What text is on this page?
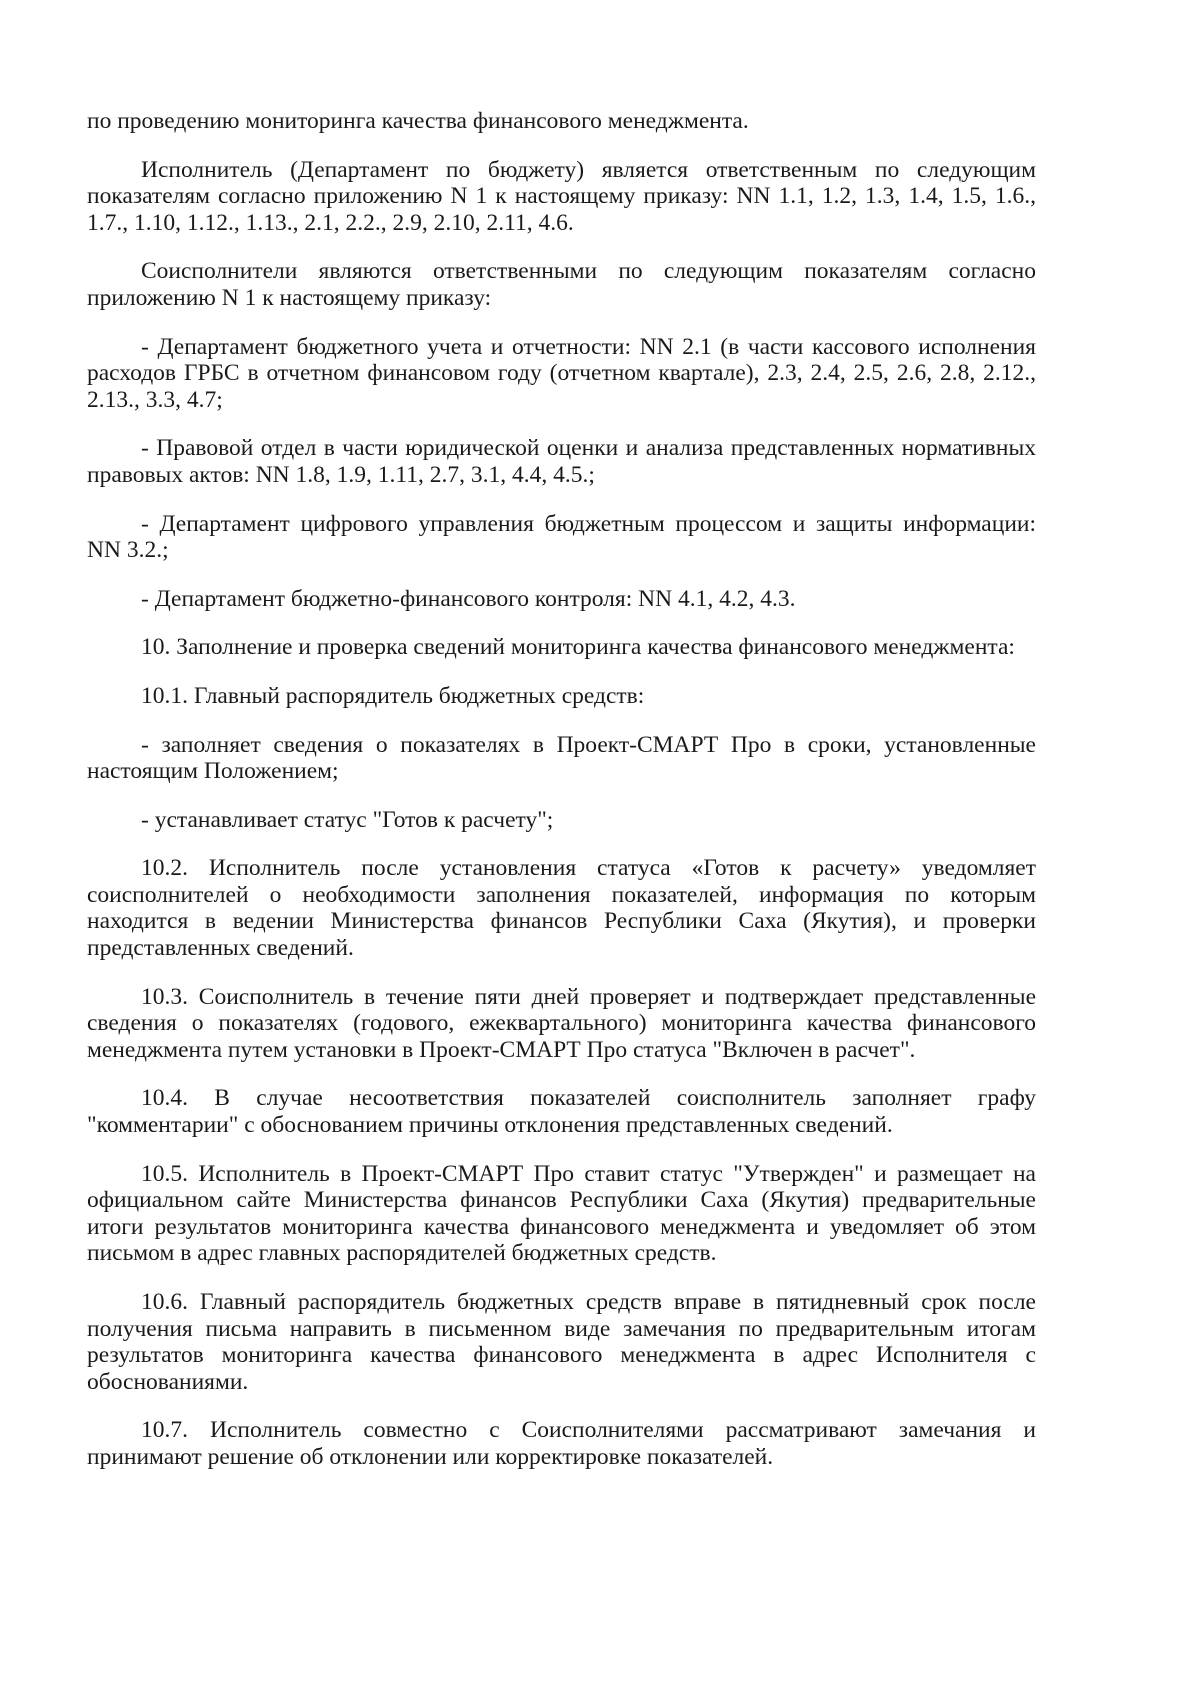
по проведению мониторинга качества финансового менеджмента.

Исполнитель (Департамент по бюджету) является ответственным по следующим показателям согласно приложению N 1 к настоящему приказу: NN 1.1, 1.2, 1.3, 1.4, 1.5, 1.6., 1.7., 1.10, 1.12., 1.13., 2.1, 2.2., 2.9, 2.10, 2.11, 4.6.

Соисполнители являются ответственными по следующим показателям согласно приложению N 1 к настоящему приказу:

- Департамент бюджетного учета и отчетности: NN 2.1 (в части кассового исполнения расходов ГРБС в отчетном финансовом году (отчетном квартале), 2.3, 2.4, 2.5, 2.6, 2.8, 2.12., 2.13., 3.3, 4.7;

- Правовой отдел в части юридической оценки и анализа представленных нормативных правовых актов: NN 1.8, 1.9, 1.11, 2.7, 3.1, 4.4, 4.5.;

- Департамент цифрового управления бюджетным процессом и защиты информации: NN 3.2.;

- Департамент бюджетно-финансового контроля: NN 4.1, 4.2, 4.3.

10. Заполнение и проверка сведений мониторинга качества финансового менеджмента:

10.1. Главный распорядитель бюджетных средств:

- заполняет сведения о показателях в Проект-СМАРТ Про в сроки, установленные настоящим Положением;

- устанавливает статус "Готов к расчету";

10.2. Исполнитель после установления статуса «Готов к расчету» уведомляет соисполнителей о необходимости заполнения показателей, информация по которым находится в ведении Министерства финансов Республики Саха (Якутия), и проверки представленных сведений.

10.3. Соисполнитель в течение пяти дней проверяет и подтверждает представленные сведения о показателях (годового, ежеквартального) мониторинга качества финансового менеджмента путем установки в Проект-СМАРТ Про статуса "Включен в расчет".

10.4. В случае несоответствия показателей соисполнитель заполняет графу "комментарии" с обоснованием причины отклонения представленных сведений.

10.5. Исполнитель в Проект-СМАРТ Про ставит статус "Утвержден" и размещает на официальном сайте Министерства финансов Республики Саха (Якутия) предварительные итоги результатов мониторинга качества финансового менеджмента и уведомляет об этом письмом в адрес главных распорядителей бюджетных средств.

10.6. Главный распорядитель бюджетных средств вправе в пятидневный срок после получения письма направить в письменном виде замечания по предварительным итогам результатов мониторинга качества финансового менеджмента в адрес Исполнителя с обоснованиями.

10.7. Исполнитель совместно с Соисполнителями рассматривают замечания и принимают решение об отклонении или корректировке показателей.
